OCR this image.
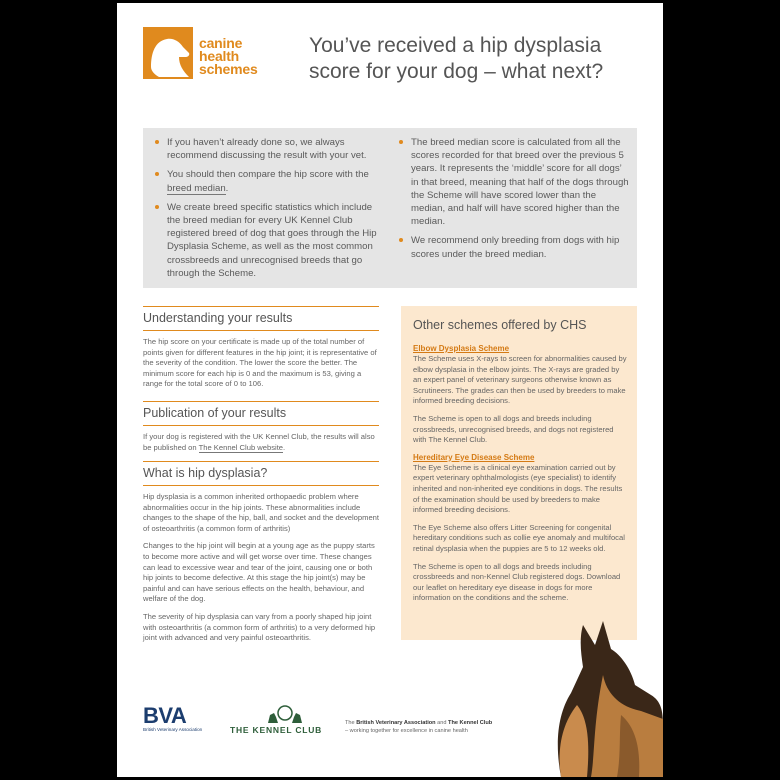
canine
health
schemes
You’ve received a hip dysplasia score for your dog – what next?
If you haven’t already done so, we always recommend discussing the result with your vet.
You should then compare the hip score with the breed median.
We create breed specific statistics which include the breed median for every UK Kennel Club registered breed of dog that goes through the Hip Dysplasia Scheme, as well as the most common crossbreeds and unrecognised breeds that go through the Scheme.
The breed median score is calculated from all the scores recorded for that breed over the previous 5 years. It represents the ‘middle’ score for all dogs’ in that breed, meaning that half of the dogs through the Scheme will have scored lower than the median, and half will have scored higher than the median.
We recommend only breeding from dogs with hip scores under the breed median.
Understanding your results

The hip score on your certificate is made up of the total number of points given for different features in the hip joint; it is representative of the severity of the condition. The lower the score the better. The minimum score for each hip is 0 and the maximum is 53, giving a range for the total score of 0 to 106.

Publication of your results

If your dog is registered with the UK Kennel Club, the results will also be published on The Kennel Club website.

What is hip dysplasia?

Hip dysplasia is a common inherited orthopaedic problem where abnormalities occur in the hip joints. These abnormalities include changes to the shape of the hip, ball, and socket and the development of osteoarthritis (a common form of arthritis)

Changes to the hip joint will begin at a young age as the puppy starts to become more active and will get worse over time. These changes can lead to excessive wear and tear of the joint, causing one or both hip joints to become defective. At this stage the hip joint(s) may be painful and can have serious effects on the health, behaviour, and welfare of the dog.

The severity of hip dysplasia can vary from a poorly shaped hip joint with osteoarthritis (a common form of arthritis) to a very deformed hip joint with advanced and very painful osteoarthritis.

Other schemes offered by CHS
Elbow Dysplasia Scheme

The Scheme uses X-rays to screen for abnormalities caused by elbow dysplasia in the elbow joints. The X-rays are graded by an expert panel of veterinary surgeons otherwise known as Scrutineers. The grades can then be used by breeders to make informed breeding decisions.

The Scheme is open to all dogs and breeds including crossbreeds, unrecognised breeds, and dogs not registered with The Kennel Club.

Hereditary Eye Disease Scheme

The Eye Scheme is a clinical eye examination carried out by expert veterinary ophthalmologists (eye specialist) to identify inherited and non-inherited eye conditions in dogs. The results of the examination should be used by breeders to make informed breeding decisions.

The Eye Scheme also offers Litter Screening for congenital hereditary conditions such as collie eye anomaly and multifocal retinal dysplasia when the puppies are 5 to 12 weeks old.

The Scheme is open to all dogs and breeds including crossbreeds and non-Kennel Club registered dogs. Download our leaflet on hereditary eye disease in dogs for more information on the conditions and the scheme.

BVA
British Veterinary Association	THE KENNEL CLUB
The British Veterinary Association and The Kennel Club
– working together for excellence in canine health
